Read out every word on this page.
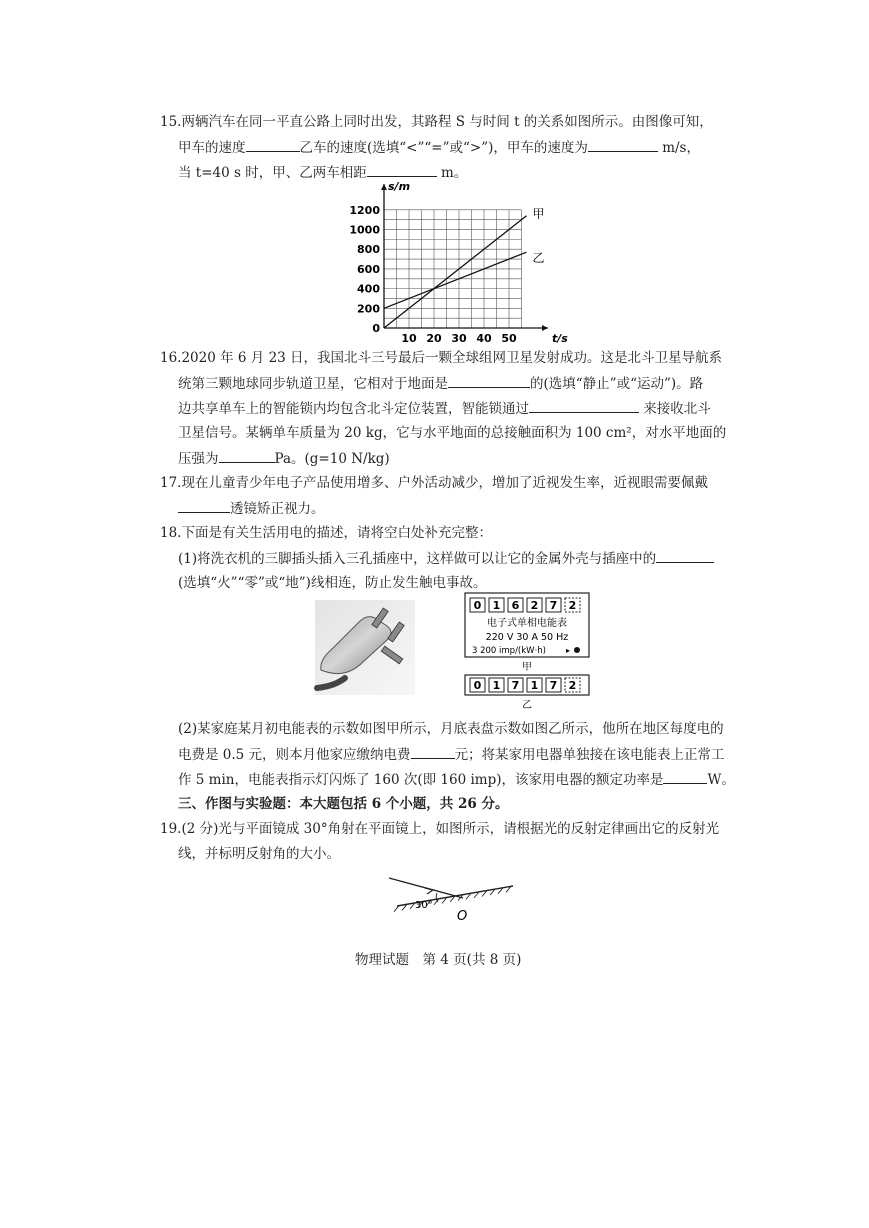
15.两辆汽车在同一平直公路上同时出发，其路程 S 与时间 t 的关系如图所示。由图像可知，
甲车的速度	乙车的速度(选填“<”“=”或“>”)，甲车的速度为	m/s，
当 t=40 s 时，甲、乙两车相距	m。
10 20 30 40 50
0
200
400
600
800
1000
1200
t/s
s/m
甲
乙
16.2020 年 6 月 23 日，我国北斗三号最后一颗全球组网卫星发射成功。这是北斗卫星导航系
统第三颗地球同步轨道卫星，它相对于地面是	的(选填“静止”或“运动”)。路
边共享单车上的智能锁内均包含北斗定位装置，智能锁通过	来接收北斗
卫星信号。某辆单车质量为 20 kg，它与水平地面的总接触面积为 100 cm²，对水平地面的
压强为	Pa。(g=10 N/kg)
17.现在儿童青少年电子产品使用增多、户外活动减少，增加了近视发生率，近视眼需要佩戴
透镜矫正视力。
18.下面是有关生活用电的描述，请将空白处补充完整：
(1)将洗衣机的三脚插头插入三孔插座中，这样做可以让它的金属外壳与插座中的
(选填“火”“零”或“地”)线相连，防止发生触电事故。
0 1 6 2 7 2
电子式单相电能表
220 V 30 A 50 Hz
3 200 imp/(kW·h)	▸
甲
0 1 7 1 7 2
乙
(2)某家庭某月初电能表的示数如图甲所示，月底表盘示数如图乙所示，他所在地区每度电的
电费是 0.5 元，则本月他家应缴纳电费	元；将某家用电器单独接在该电能表上正常工
作 5 min，电能表指示灯闪烁了 160 次(即 160 imp)，该家用电器的额定功率是	W。
三、作图与实验题：本大题包括 6 个小题，共 26 分。
19.(2 分)光与平面镜成 30°角射在平面镜上，如图所示，请根据光的反射定律画出它的反射光
线，并标明反射角的大小。
30°
O
物理试题　第 4 页(共 8 页)
